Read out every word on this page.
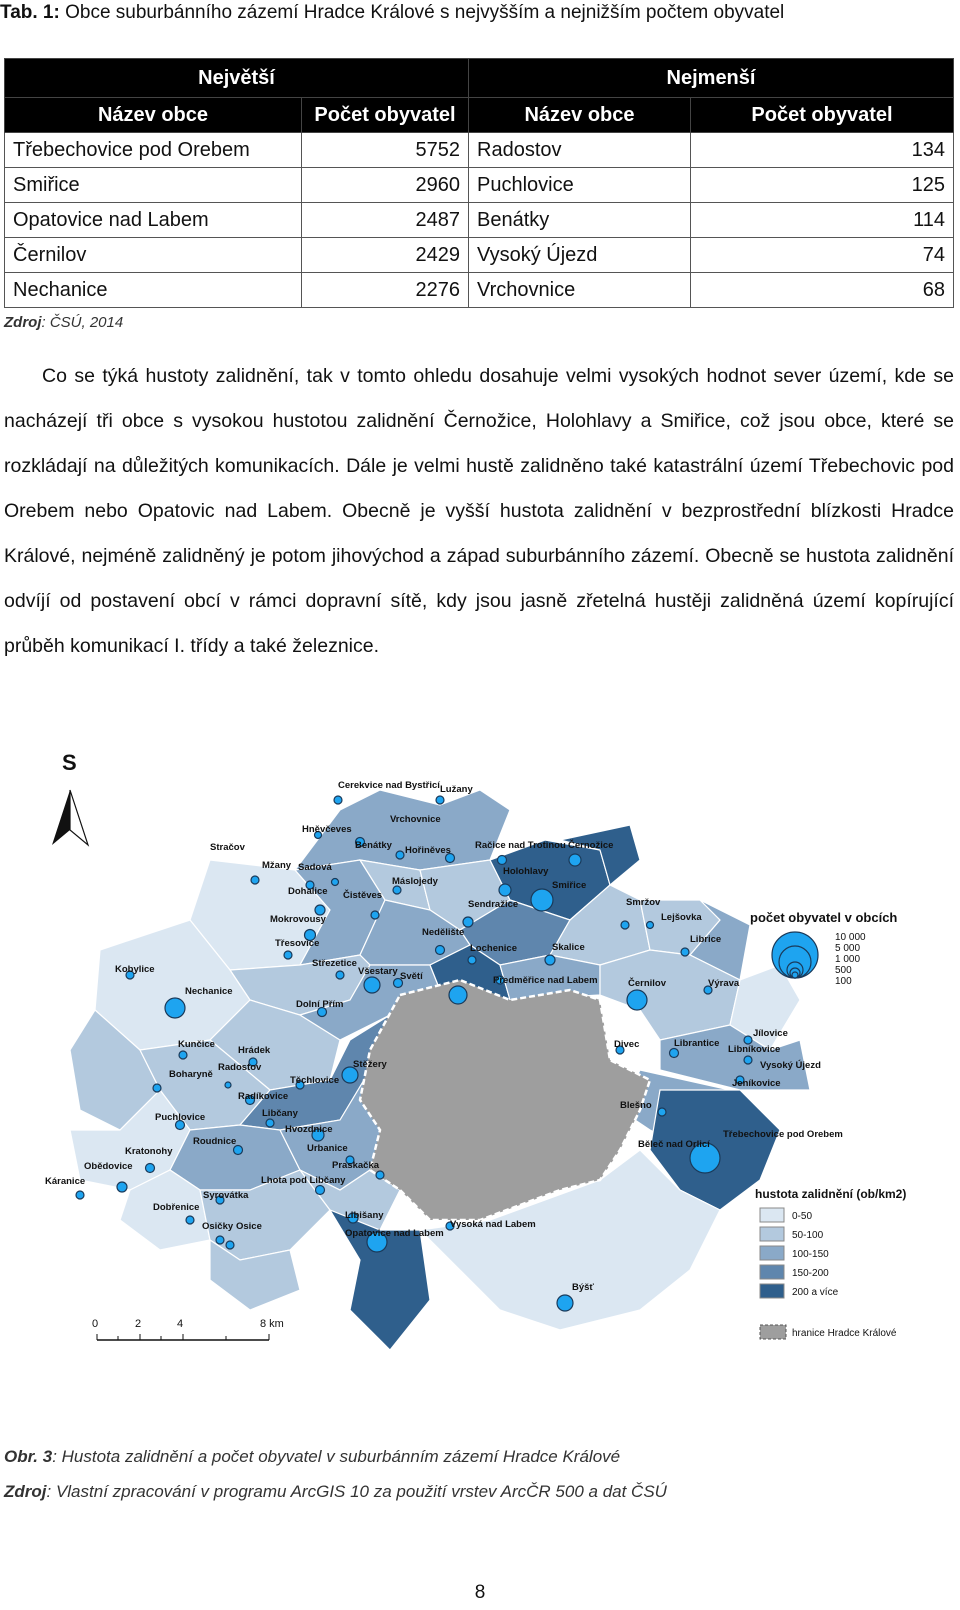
Tab. 1: Obce suburbánního zázemí Hradce Králové s nejvyšším a nejnižším počtem obyvatel
Největší		Nejmenší	
Název obce	Počet obyvatel	Název obce	Počet obyvatel
Třebechovice pod Orebem	5752	Radostov	134
Smiřice	2960	Puchlovice	125
Opatovice nad Labem	2487	Benátky	114
Černilov	2429	Vysoký Újezd	74
Nechanice	2276	Vrchovnice	68
Zdroj: ČSÚ, 2014

Co se týká hustoty zalidnění, tak v tomto ohledu dosahuje velmi vysokých hodnot sever území, kde se nacházejí tři obce s vysokou hustotou zalidnění Černožice, Holohlavy a Smiřice, což jsou obce, které se rozkládají na důležitých komunikacích. Dále je velmi hustě zalidněno také katastrální území Třebechovic pod Orebem nebo Opatovic nad Labem. Obecně je vyšší hustota zalidnění v bezprostřední blízkosti Hradce Králové, nejméně zalidněný je potom jihovýchod a západ suburbánního zázemí. Obecně se hustota zalidnění odvíjí od postavení obcí v rámci dopravní sítě, kdy jsou jasně zřetelná hustěji zalidněná území kopírující průběh komunikací I. třídy a také železnice.

Cerekvice nad Bystřicí Lužany
Hněvčeves
Vrchovnice
Stračov	Benátky Hořiněves	Račice nad Trotinou Černožice
Mžany Sadová	Holohlavy
Dohalice
Máslojedy	Smiřice
Čistěves
Sendražice	Smržov
Lejšovka
Mokrovousy
Nedělište
Librice
Třesovice	Lochenice	Skalice
Kobylice
Střezetice
Všestary Světí	Předměřice nad Labem	Černilov	Výrava
Nechanice
Dolní Přím
Jílovice
Kunčice
Hrádek
Stěžery
Divec	Librantice
Libníkovice
Boharyně
Radostov	Vysoký Újezd
Těchlovice	Jeníkovice
Radíkovice
Blešno
Puchlovice	Libčany
Hvozdnice
Běleč nad Orlicí
Třebechovice pod Orebem
Roudnice
Kratonohy	Urbanice
Obědovice	Praskačka
Káranice	Lhota pod Libčany
Syrovátka
Dobřenice
Libišany
Osičky Osice
Opatovice nad Labem
Vysoká nad Labem
Býšť
S
počet obyvatel v obcích
10 000
5 000
1 000
500
100
hustota zalidnění (ob/km2)
0-50
50-100
100-150
150-200
200 a více
hranice Hradce Králové
0	2	4	8 km
Obr. 3: Hustota zalidnění a počet obyvatel v suburbánním zázemí Hradce Králové
Zdroj: Vlastní zpracování v programu ArcGIS 10 za použití vrstev ArcČR 500 a dat ČSÚ
8
